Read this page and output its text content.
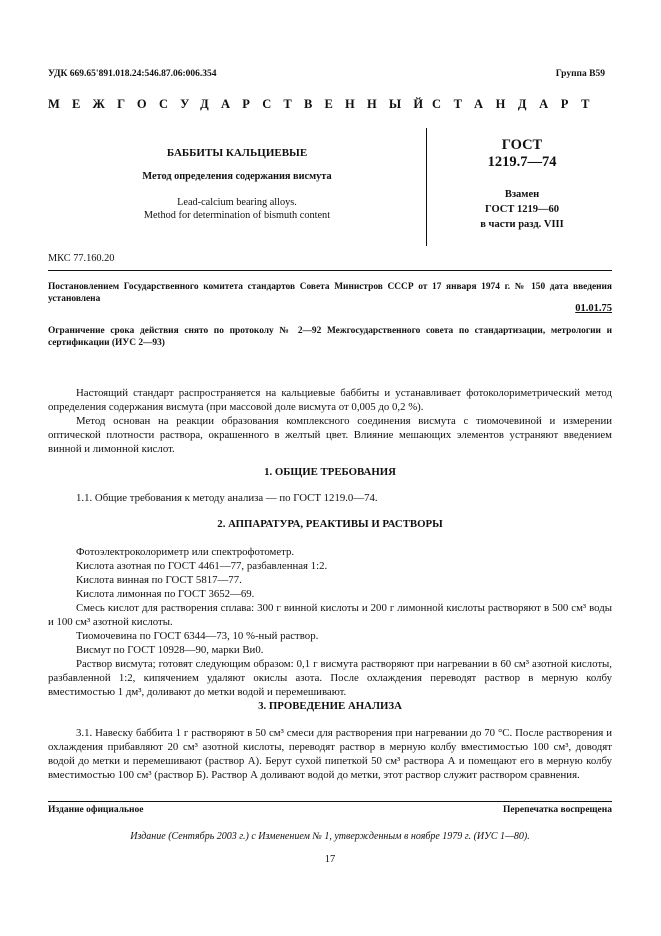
УДК 669.65'891.018.24:546.87.06:006.354	Группа В59
МЕЖГОСУДАРСТВЕННЫЙ
СТАНДАРТ
БАББИТЫ КАЛЬЦИЕВЫЕ
Метод определения содержания висмута
Lead-calcium bearing alloys.
Method for determination of bismuth content
ГОСТ
1219.7—74
Взамен
ГОСТ 1219—60
в части разд. VIII
МКС 77.160.20
Постановлением Государственного комитета стандартов Совета Министров СССР от 17 января 1974 г. № 150 дата введения установлена
01.01.75
Ограничение срока действия снято по протоколу № 2—92 Межгосударственного совета по стандартизации, метрологии и сертификации (ИУС 2—93)

Настоящий стандарт распространяется на кальциевые баббиты и устанавливает фотоколориметрический метод определения содержания висмута (при массовой доле висмута от 0,005 до 0,2 %).

Метод основан на реакции образования комплексного соединения висмута с тиомочевиной и измерении оптической плотности раствора, окрашенного в желтый цвет. Влияние мешающих элементов устраняют введением винной и лимонной кислот.

1. ОБЩИЕ ТРЕБОВАНИЯ

1.1. Общие требования к методу анализа — по ГОСТ 1219.0—74.

2. АППАРАТУРА, РЕАКТИВЫ И РАСТВОРЫ

Фотоэлектроколориметр или спектрофотометр.

Кислота азотная по ГОСТ 4461—77, разбавленная 1:2.

Кислота винная по ГОСТ 5817—77.

Кислота лимонная по ГОСТ 3652—69.

Смесь кислот для растворения сплава: 300 г винной кислоты и 200 г лимонной кислоты растворяют в 500 см³ воды и 100 см³ азотной кислоты.

Тиомочевина по ГОСТ 6344—73, 10 %-ный раствор.

Висмут по ГОСТ 10928—90, марки Ви0.

Раствор висмута; готовят следующим образом: 0,1 г висмута растворяют при нагревании в 60 см³ азотной кислоты, разбавленной 1:2, кипячением удаляют окислы азота. После охлаждения переводят раствор в мерную колбу вместимостью 1 дм³, доливают до метки водой и перемешивают.

3. ПРОВЕДЕНИЕ АНАЛИЗА

3.1. Навеску баббита 1 г растворяют в 50 см³ смеси для растворения при нагревании до 70 °С. После растворения и охлаждения прибавляют 20 см³ азотной кислоты, переводят раствор в мерную колбу вместимостью 100 см³, доводят водой до метки и перемешивают (раствор А). Берут сухой пипеткой 50 см³ раствора А и помещают его в мерную колбу вместимостью 100 см³ (раствор Б). Раствор А доливают водой до метки, этот раствор служит раствором сравнения.

Издание официальное	Перепечатка воспрещена
Издание (Сентябрь 2003 г.) с Изменением № 1, утвержденным в ноябре 1979 г. (ИУС 1—80).
17
